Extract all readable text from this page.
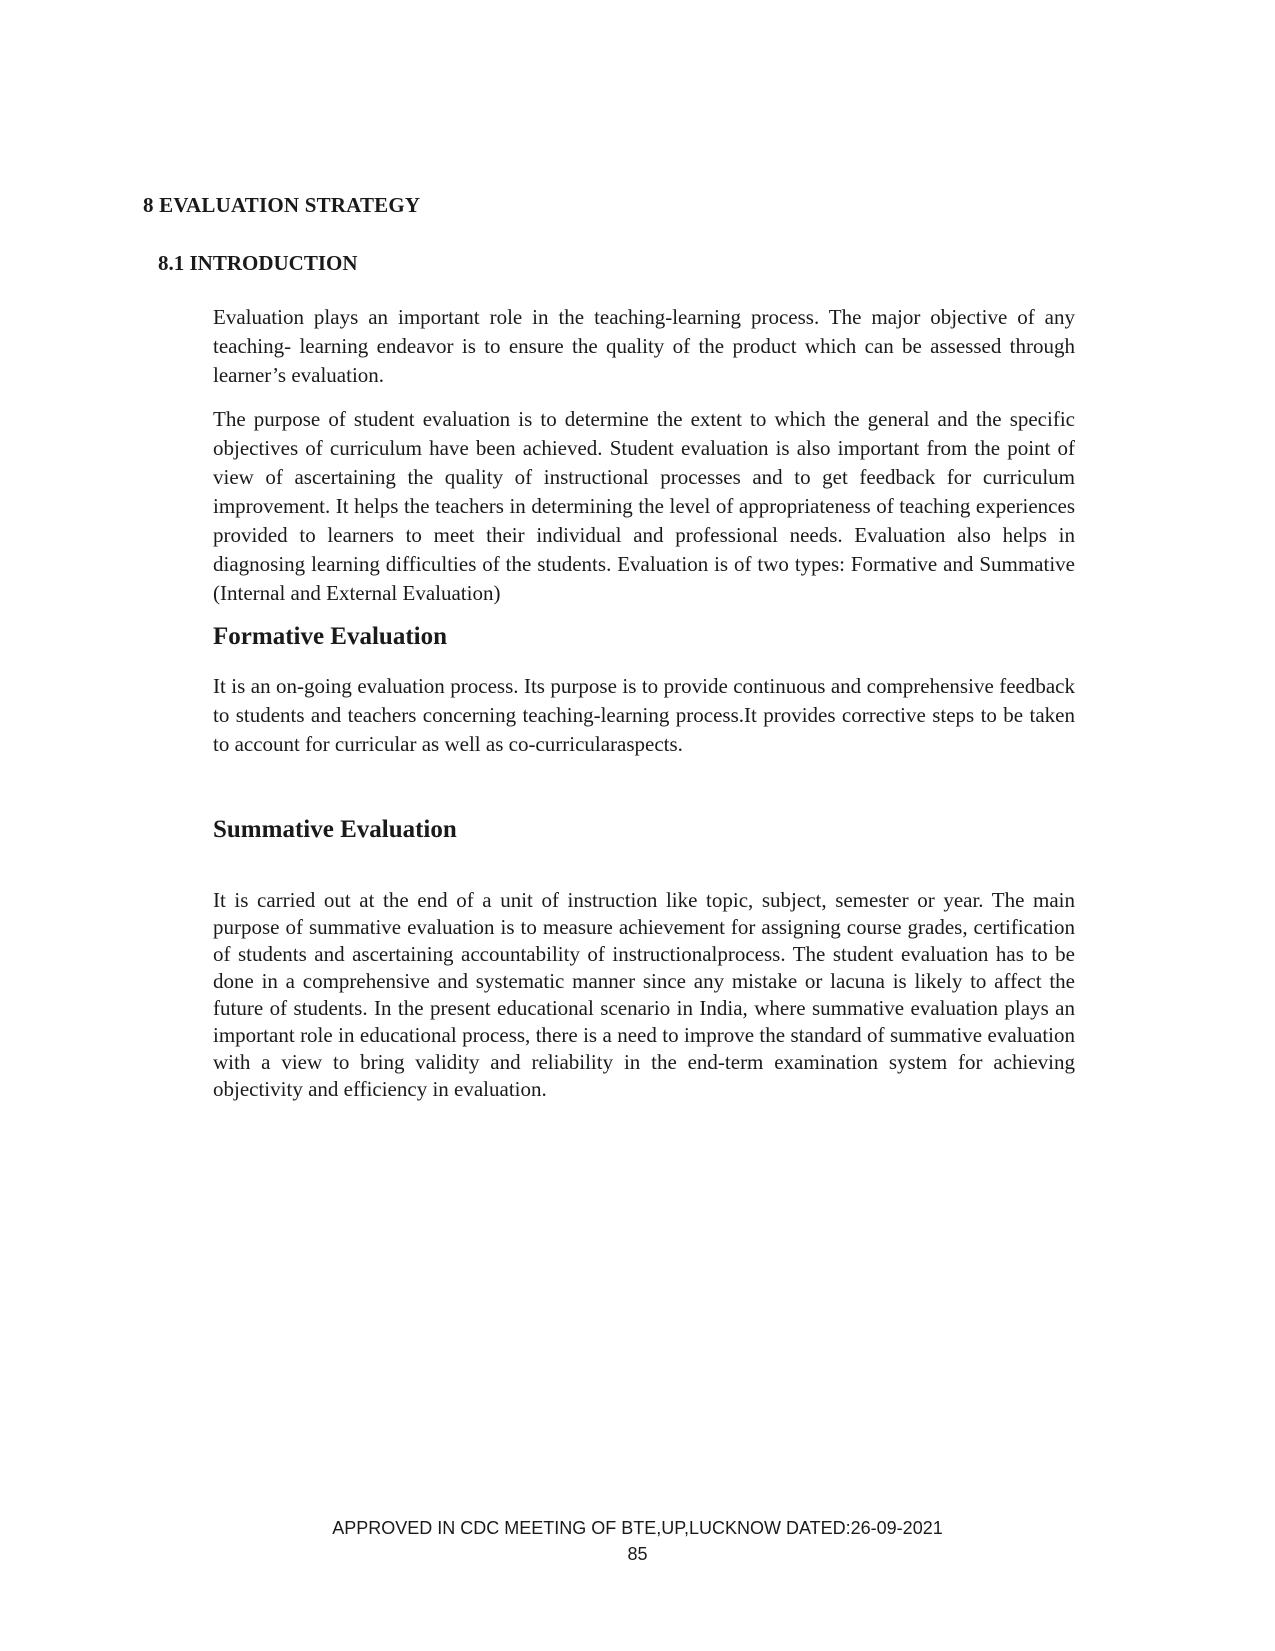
8 EVALUATION STRATEGY
8.1 INTRODUCTION

Evaluation plays an important role in the teaching-learning process. The major objective of any teaching- learning endeavor is to ensure the quality of the product which can be assessed through learner’s evaluation.

The purpose of student evaluation is to determine the extent to which the general and the specific objectives of curriculum have been achieved. Student evaluation is also important from the point of view of ascertaining the quality of instructional processes and to get feedback for curriculum improvement. It helps the teachers in determining the level of appropriateness of teaching experiences provided to learners to meet their individual and professional needs. Evaluation also helps in diagnosing learning difficulties of the students. Evaluation is of two types: Formative and Summative (Internal and External Evaluation)

Formative Evaluation

It is an on-going evaluation process. Its purpose is to provide continuous and comprehensive feedback to students and teachers concerning teaching-learning process.It provides corrective steps to be taken to account for curricular as well as co-curricularaspects.

Summative Evaluation

It is carried out at the end of a unit of instruction like topic, subject, semester or year. The main purpose of summative evaluation is to measure achievement for assigning course grades, certification of students and ascertaining accountability of instructionalprocess. The student evaluation has to be done in a comprehensive and systematic manner since any mistake or lacuna is likely to affect the future of students. In the present educational scenario in India, where summative evaluation plays an important role in educational process, there is a need to improve the standard of summative evaluation with a view to bring validity and reliability in the end-term examination system for achieving objectivity and efficiency in evaluation.

APPROVED IN CDC MEETING OF BTE,UP,LUCKNOW DATED:26-09-2021

85
